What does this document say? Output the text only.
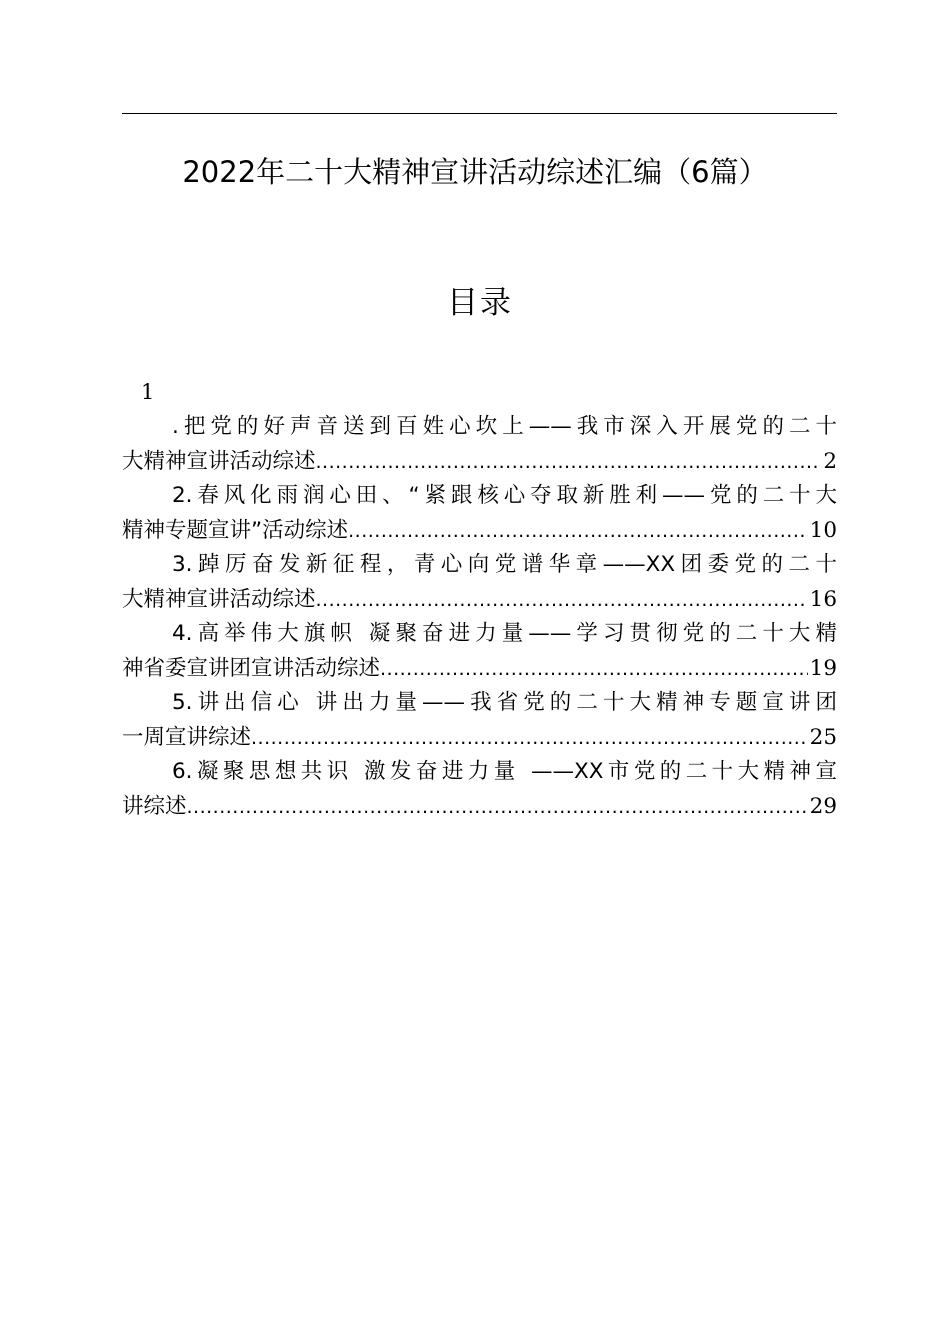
2022年二十大精神宣讲活动综述汇编（6篇）
目录
1
.把党的好声音送到百姓心坎上——我市深入开展党的二十
大精神宣讲活动综述 .....	2
2.春风化雨润心田、“紧跟核心夺取新胜利——党的二十大
精神专题宣讲”活动综述 .....	10
3.踔厉奋发新征程，青心向党谱华章——XX团委党的二十
大精神宣讲活动综述 .....	16
4.高举伟大旗帜 凝聚奋进力量——学习贯彻党的二十大精
神省委宣讲团宣讲活动综述 .....	19
5.讲出信心 讲出力量——我省党的二十大精神专题宣讲团
一周宣讲综述 .....	25
6.凝聚思想共识 激发奋进力量 ——XX市党的二十大精神宣
讲综述 .....	29
